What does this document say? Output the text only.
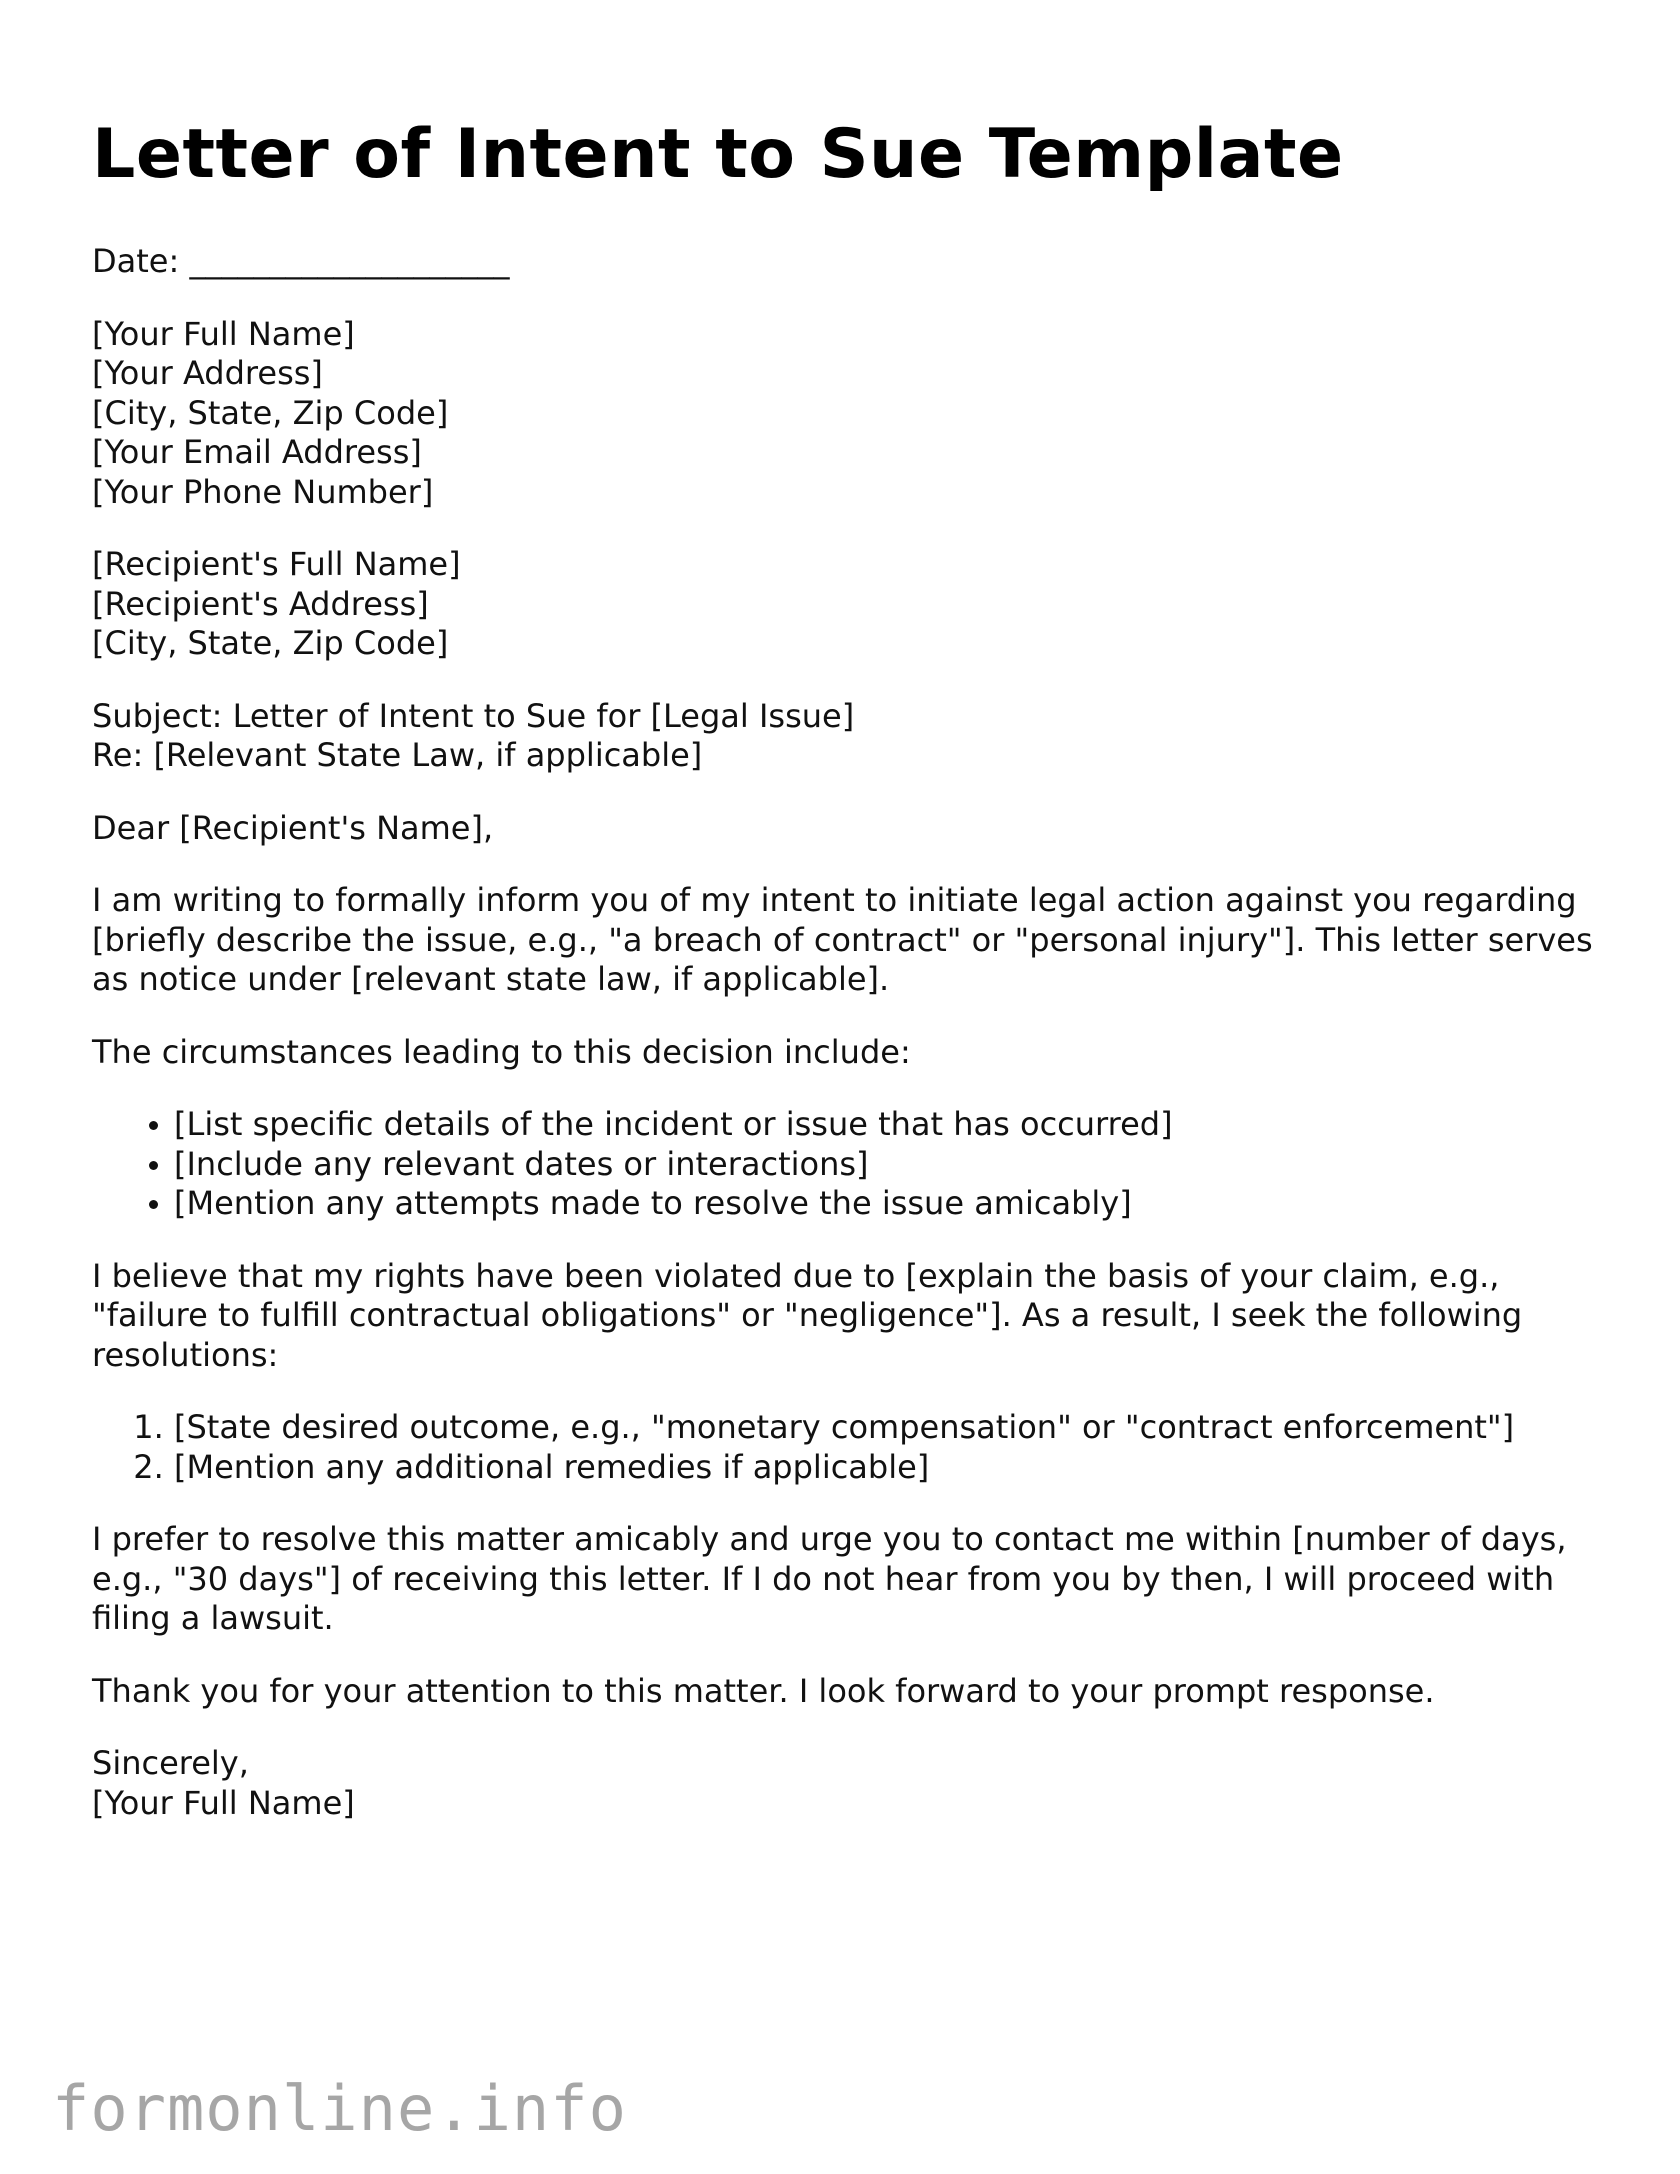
Letter of Intent to Sue Template

Date: ____________________

[Your Full Name]
[Your Address]
[City, State, Zip Code]
[Your Email Address]
[Your Phone Number]

[Recipient's Full Name]
[Recipient's Address]
[City, State, Zip Code]

Subject: Letter of Intent to Sue for [Legal Issue]
Re: [Relevant State Law, if applicable]

Dear [Recipient's Name],

I am writing to formally inform you of my intent to initiate legal action against you regarding [briefly describe the issue, e.g., "a breach of contract" or "personal injury"]. This letter serves as notice under [relevant state law, if applicable].

The circumstances leading to this decision include:

• [List specific details of the incident or issue that has occurred]
• [Include any relevant dates or interactions]
• [Mention any attempts made to resolve the issue amicably]

I believe that my rights have been violated due to [explain the basis of your claim, e.g., "failure to fulfill contractual obligations" or "negligence"]. As a result, I seek the following resolutions:

1. [State desired outcome, e.g., "monetary compensation" or "contract enforcement"]
2. [Mention any additional remedies if applicable]

I prefer to resolve this matter amicably and urge you to contact me within [number of days, e.g., "30 days"] of receiving this letter. If I do not hear from you by then, I will proceed with filing a lawsuit.

Thank you for your attention to this matter. I look forward to your prompt response.

Sincerely,
[Your Full Name]

formonline.info
